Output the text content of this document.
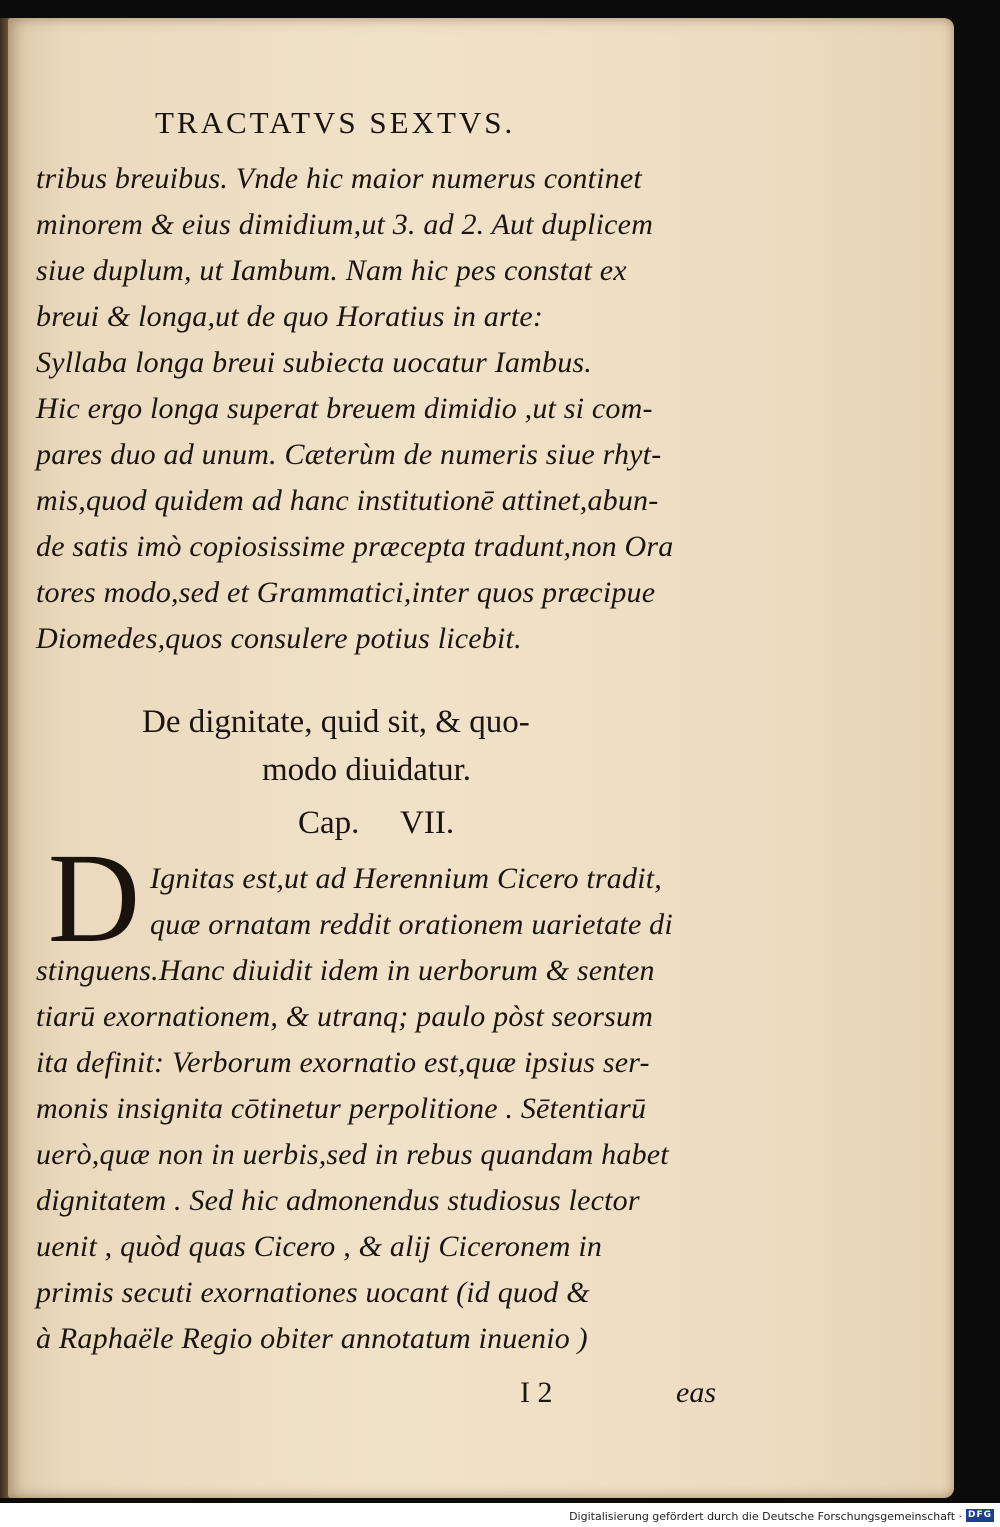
TRACTATVS SEXTVS.
tribus breuibus. Vnde hic maior numerus continet
minorem & eius dimidium,ut 3. ad 2. Aut duplicem
siue duplum, ut Iambum. Nam hic pes constat ex
breui & longa,ut de quo Horatius in arte:
Syllaba longa breui subiecta uocatur Iambus.
Hic ergo longa superat breuem dimidio ,ut si com-
pares duo ad unum. Cæterùm de numeris siue rhyt-
mis,quod quidem ad hanc institutionē attinet,abun-
de satis imò copiosissime præcepta tradunt,non Ora
tores modo,sed et Grammatici,inter quos præcipue
Diomedes,quos consulere potius licebit.
De dignitate, quid sit, & quo-
modo diuidatur.
Cap.     VII.
D Ignitas est,ut ad Herennium Cicero tradit,
quæ ornatam reddit orationem uarietate di
stinguens.Hanc diuidit idem in uerborum & senten
tiarū exornationem, & utranq; paulo pòst seorsum
ita definit: Verborum exornatio est,quæ ipsius ser-
monis insignita cōtinetur perpolitione . Sētentiarū
uerò,quæ non in uerbis,sed in rebus quandam habet
dignitatem . Sed hic admonendus studiosus lector
uenit , quòd quas Cicero , & alij Ciceronem in
primis secuti exornationes uocant (id quod &
à Raphaële Regio obiter annotatum inuenio )
I 2	eas
Digitalisierung gefördert durch die Deutsche Forschungsgemeinschaft · DFG
